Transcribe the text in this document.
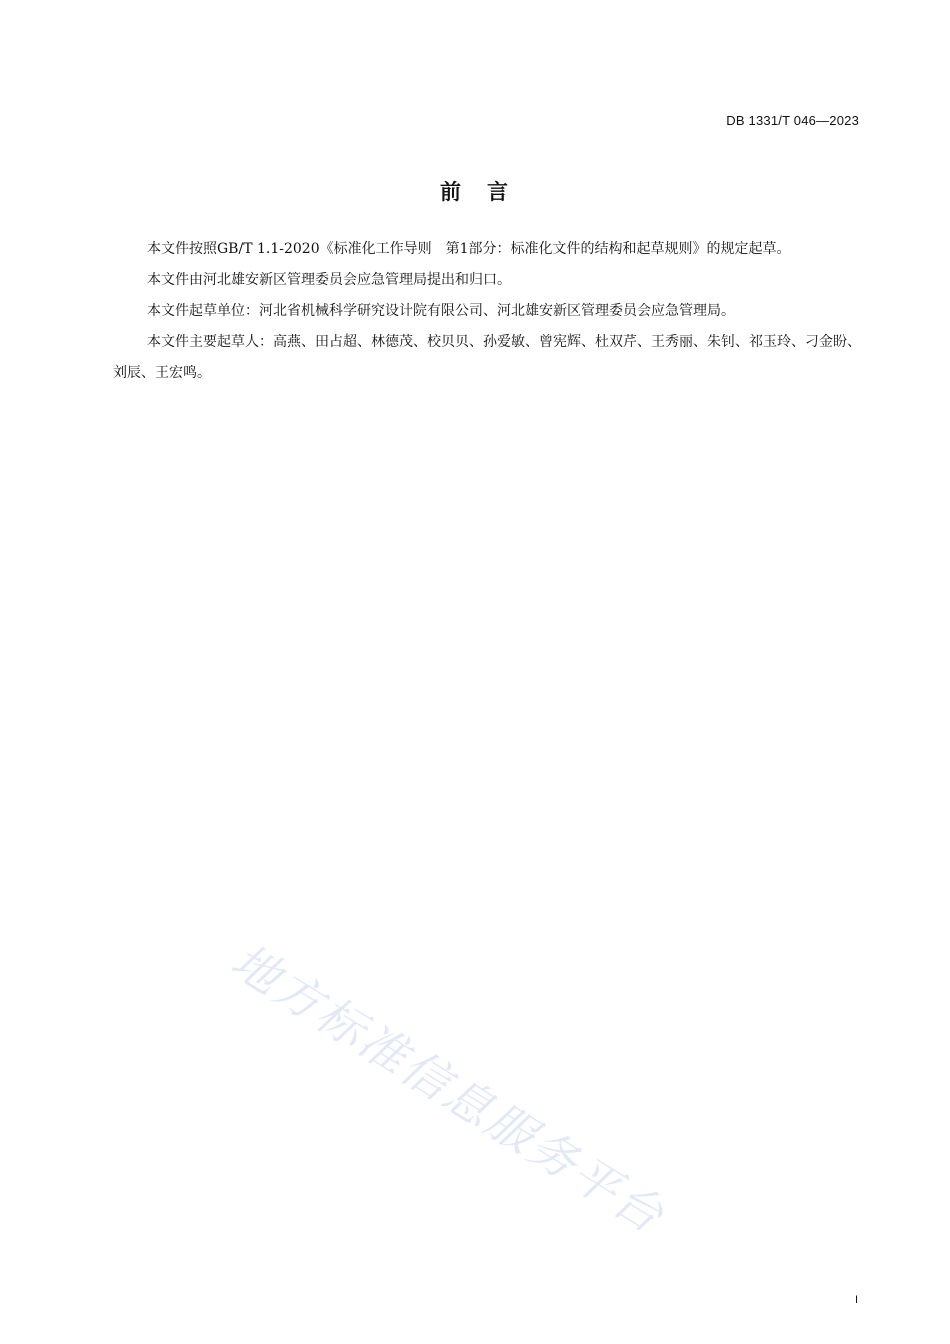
DB 1331/T 046—2023
前 言

本文件按照GB/T 1.1-2020《标准化工作导则　第1部分：标准化文件的结构和起草规则》的规定起草。

本文件由河北雄安新区管理委员会应急管理局提出和归口。

本文件起草单位：河北省机械科学研究设计院有限公司、河北雄安新区管理委员会应急管理局。

本文件主要起草人：高燕、田占超、林德茂、校贝贝、孙爱敏、曾宪辉、杜双芹、王秀丽、朱钊、祁玉玲、刁金盼、刘辰、王宏鸣。

地方标准信息服务平台
I
